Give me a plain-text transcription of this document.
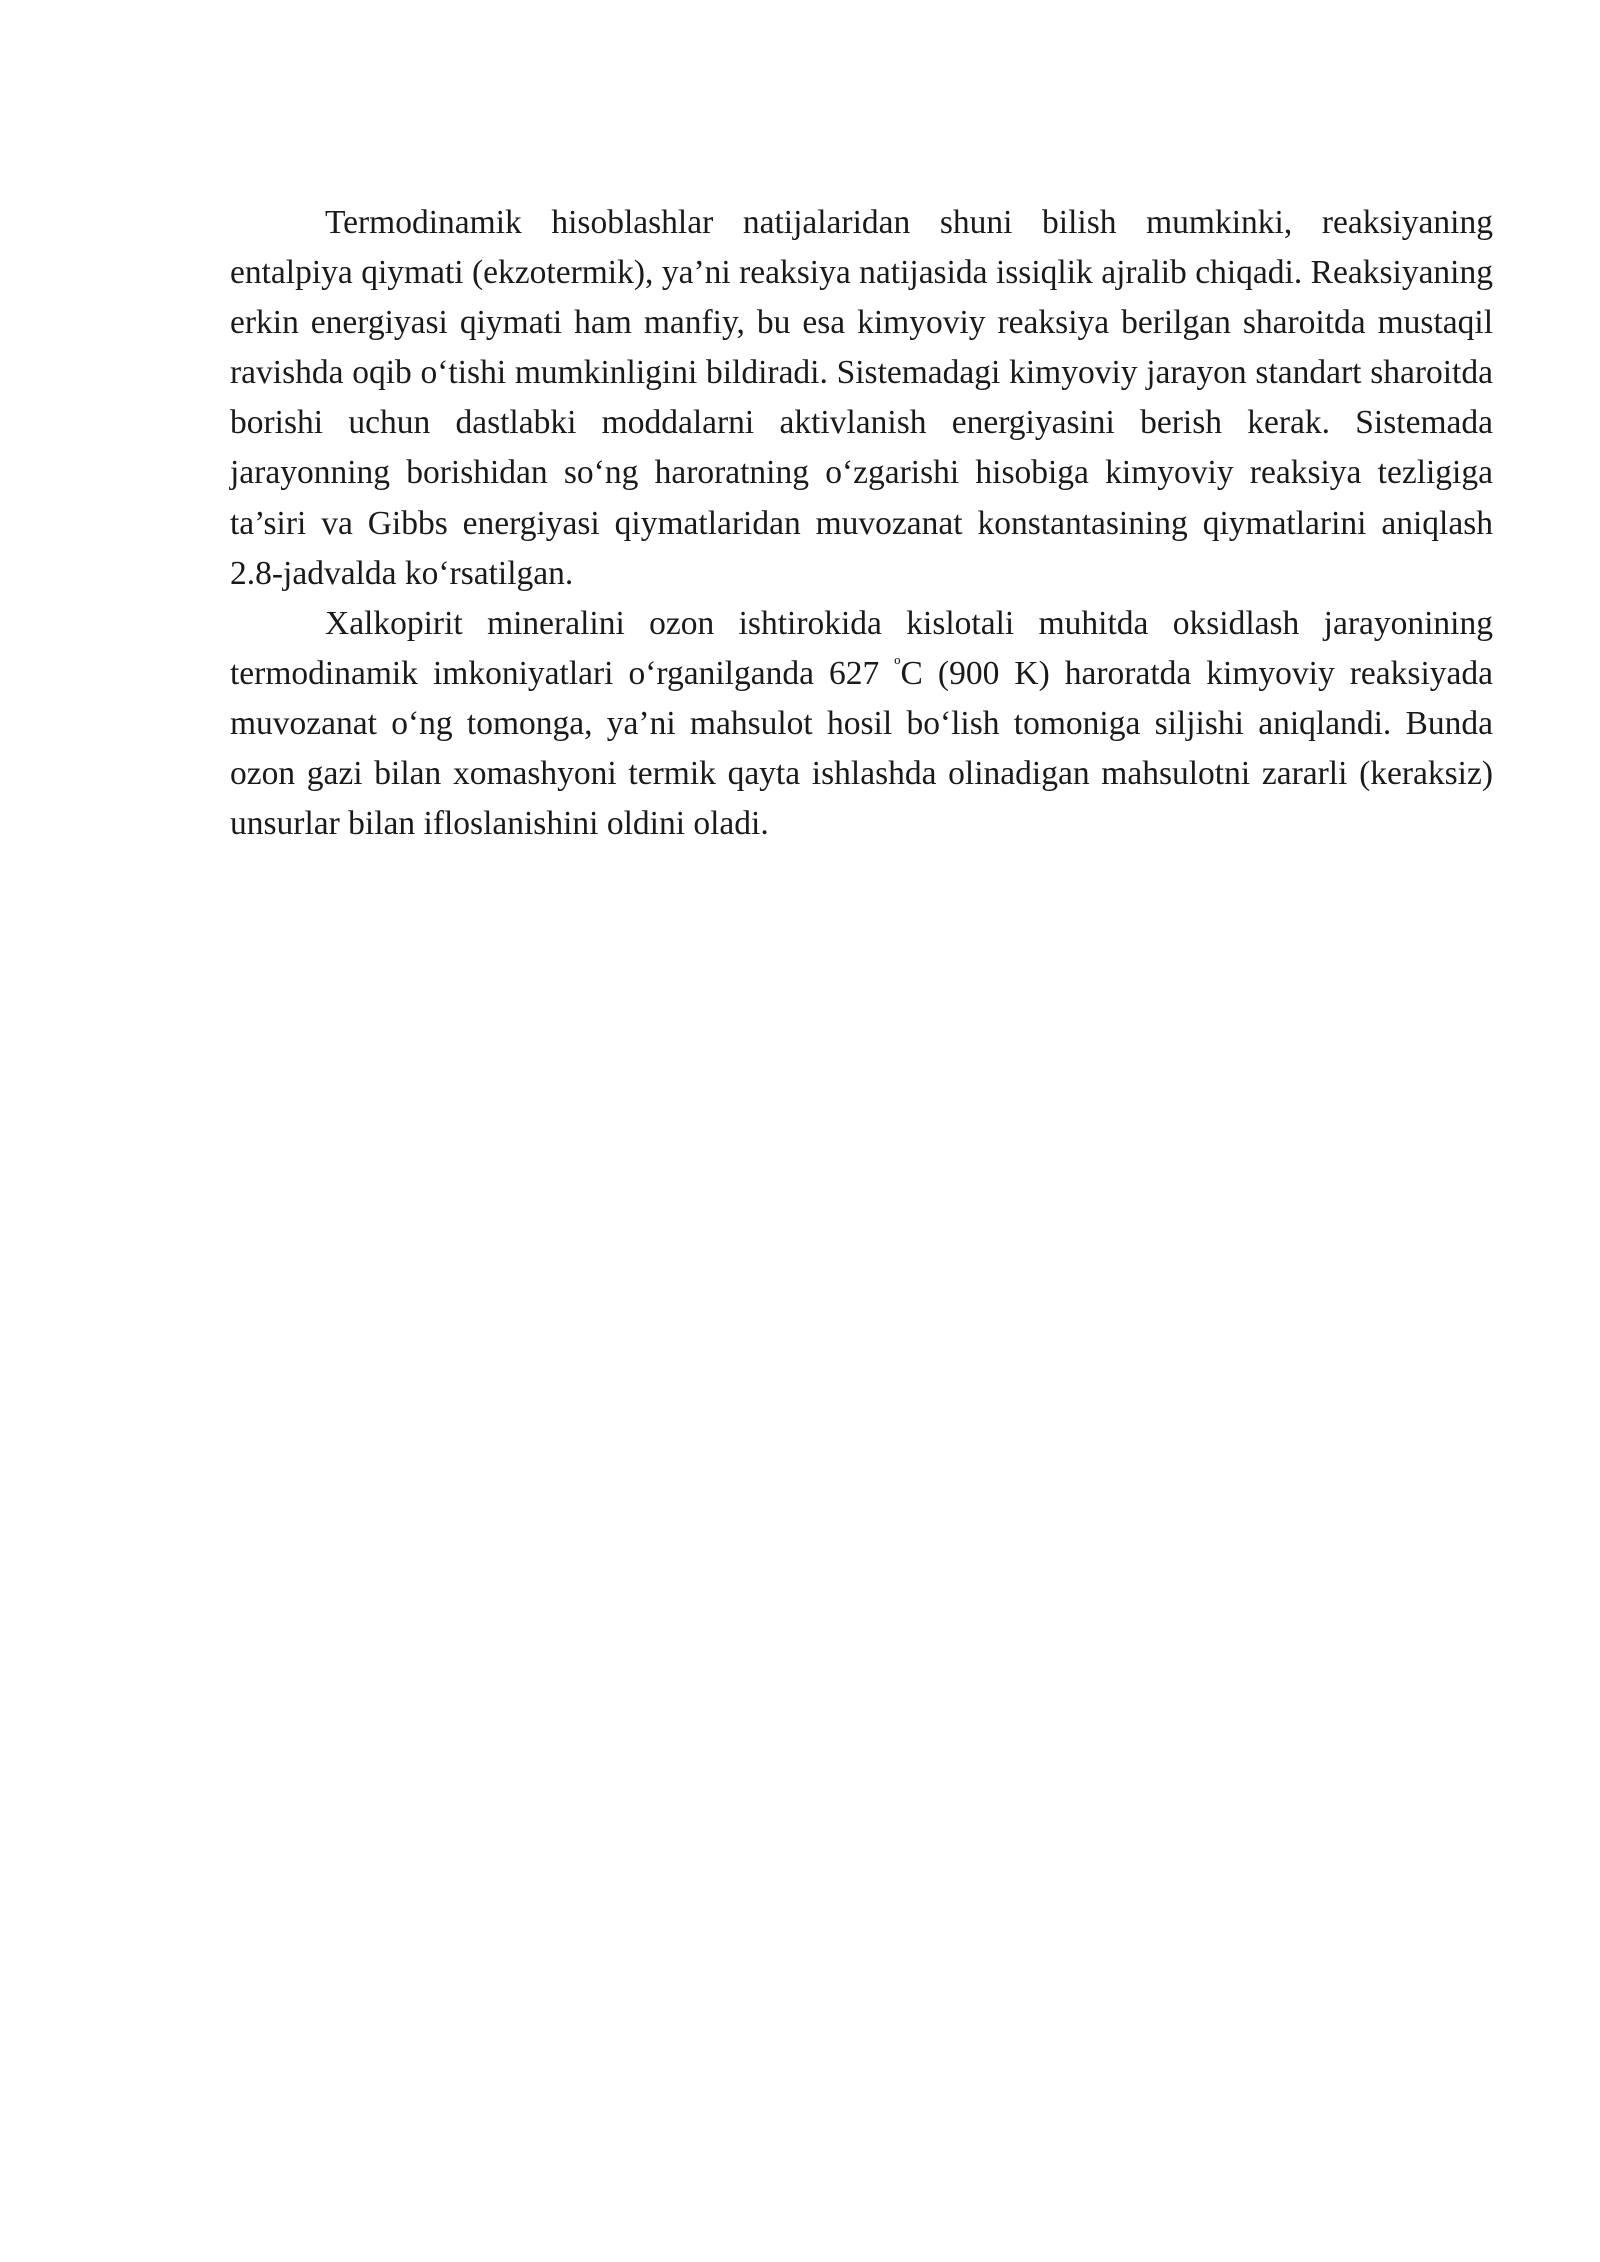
Termodinamik hisoblashlar natijalaridan shuni bilish mumkinki, reaksiyaning entalpiya qiymati (ekzotermik), ya’ni reaksiya natijasida issiqlik ajralib chiqadi. Reaksiyaning erkin energiyasi qiymati ham manfiy, bu esa kimyoviy reaksiya berilgan sharoitda mustaqil ravishda oqib o‘tishi mumkinligini bildiradi. Sistemadagi kimyoviy jarayon standart sharoitda borishi uchun dastlabki moddalarni aktivlanish energiyasini berish kerak. Sistemada jarayonning borishidan so‘ng haroratning o‘zgarishi hisobiga kimyoviy reaksiya tezligiga ta’siri va Gibbs energiyasi qiymatlaridan muvozanat konstantasining qiymatlarini aniqlash 2.8-jadvalda ko‘rsatilgan.

Xalkopirit mineralini ozon ishtirokida kislotali muhitda oksidlash jarayonining termodinamik imkoniyatlari o‘rganilganda 627 $^º$C (900 K) haroratda kimyoviy reaksiyada muvozanat o‘ng tomonga, ya’ni mahsulot hosil bo‘lish tomoniga siljishi aniqlandi. Bunda ozon gazi bilan xomashyoni termik qayta ishlashda olinadigan mahsulotni zararli (keraksiz) unsurlar bilan ifloslanishini oldini oladi.
